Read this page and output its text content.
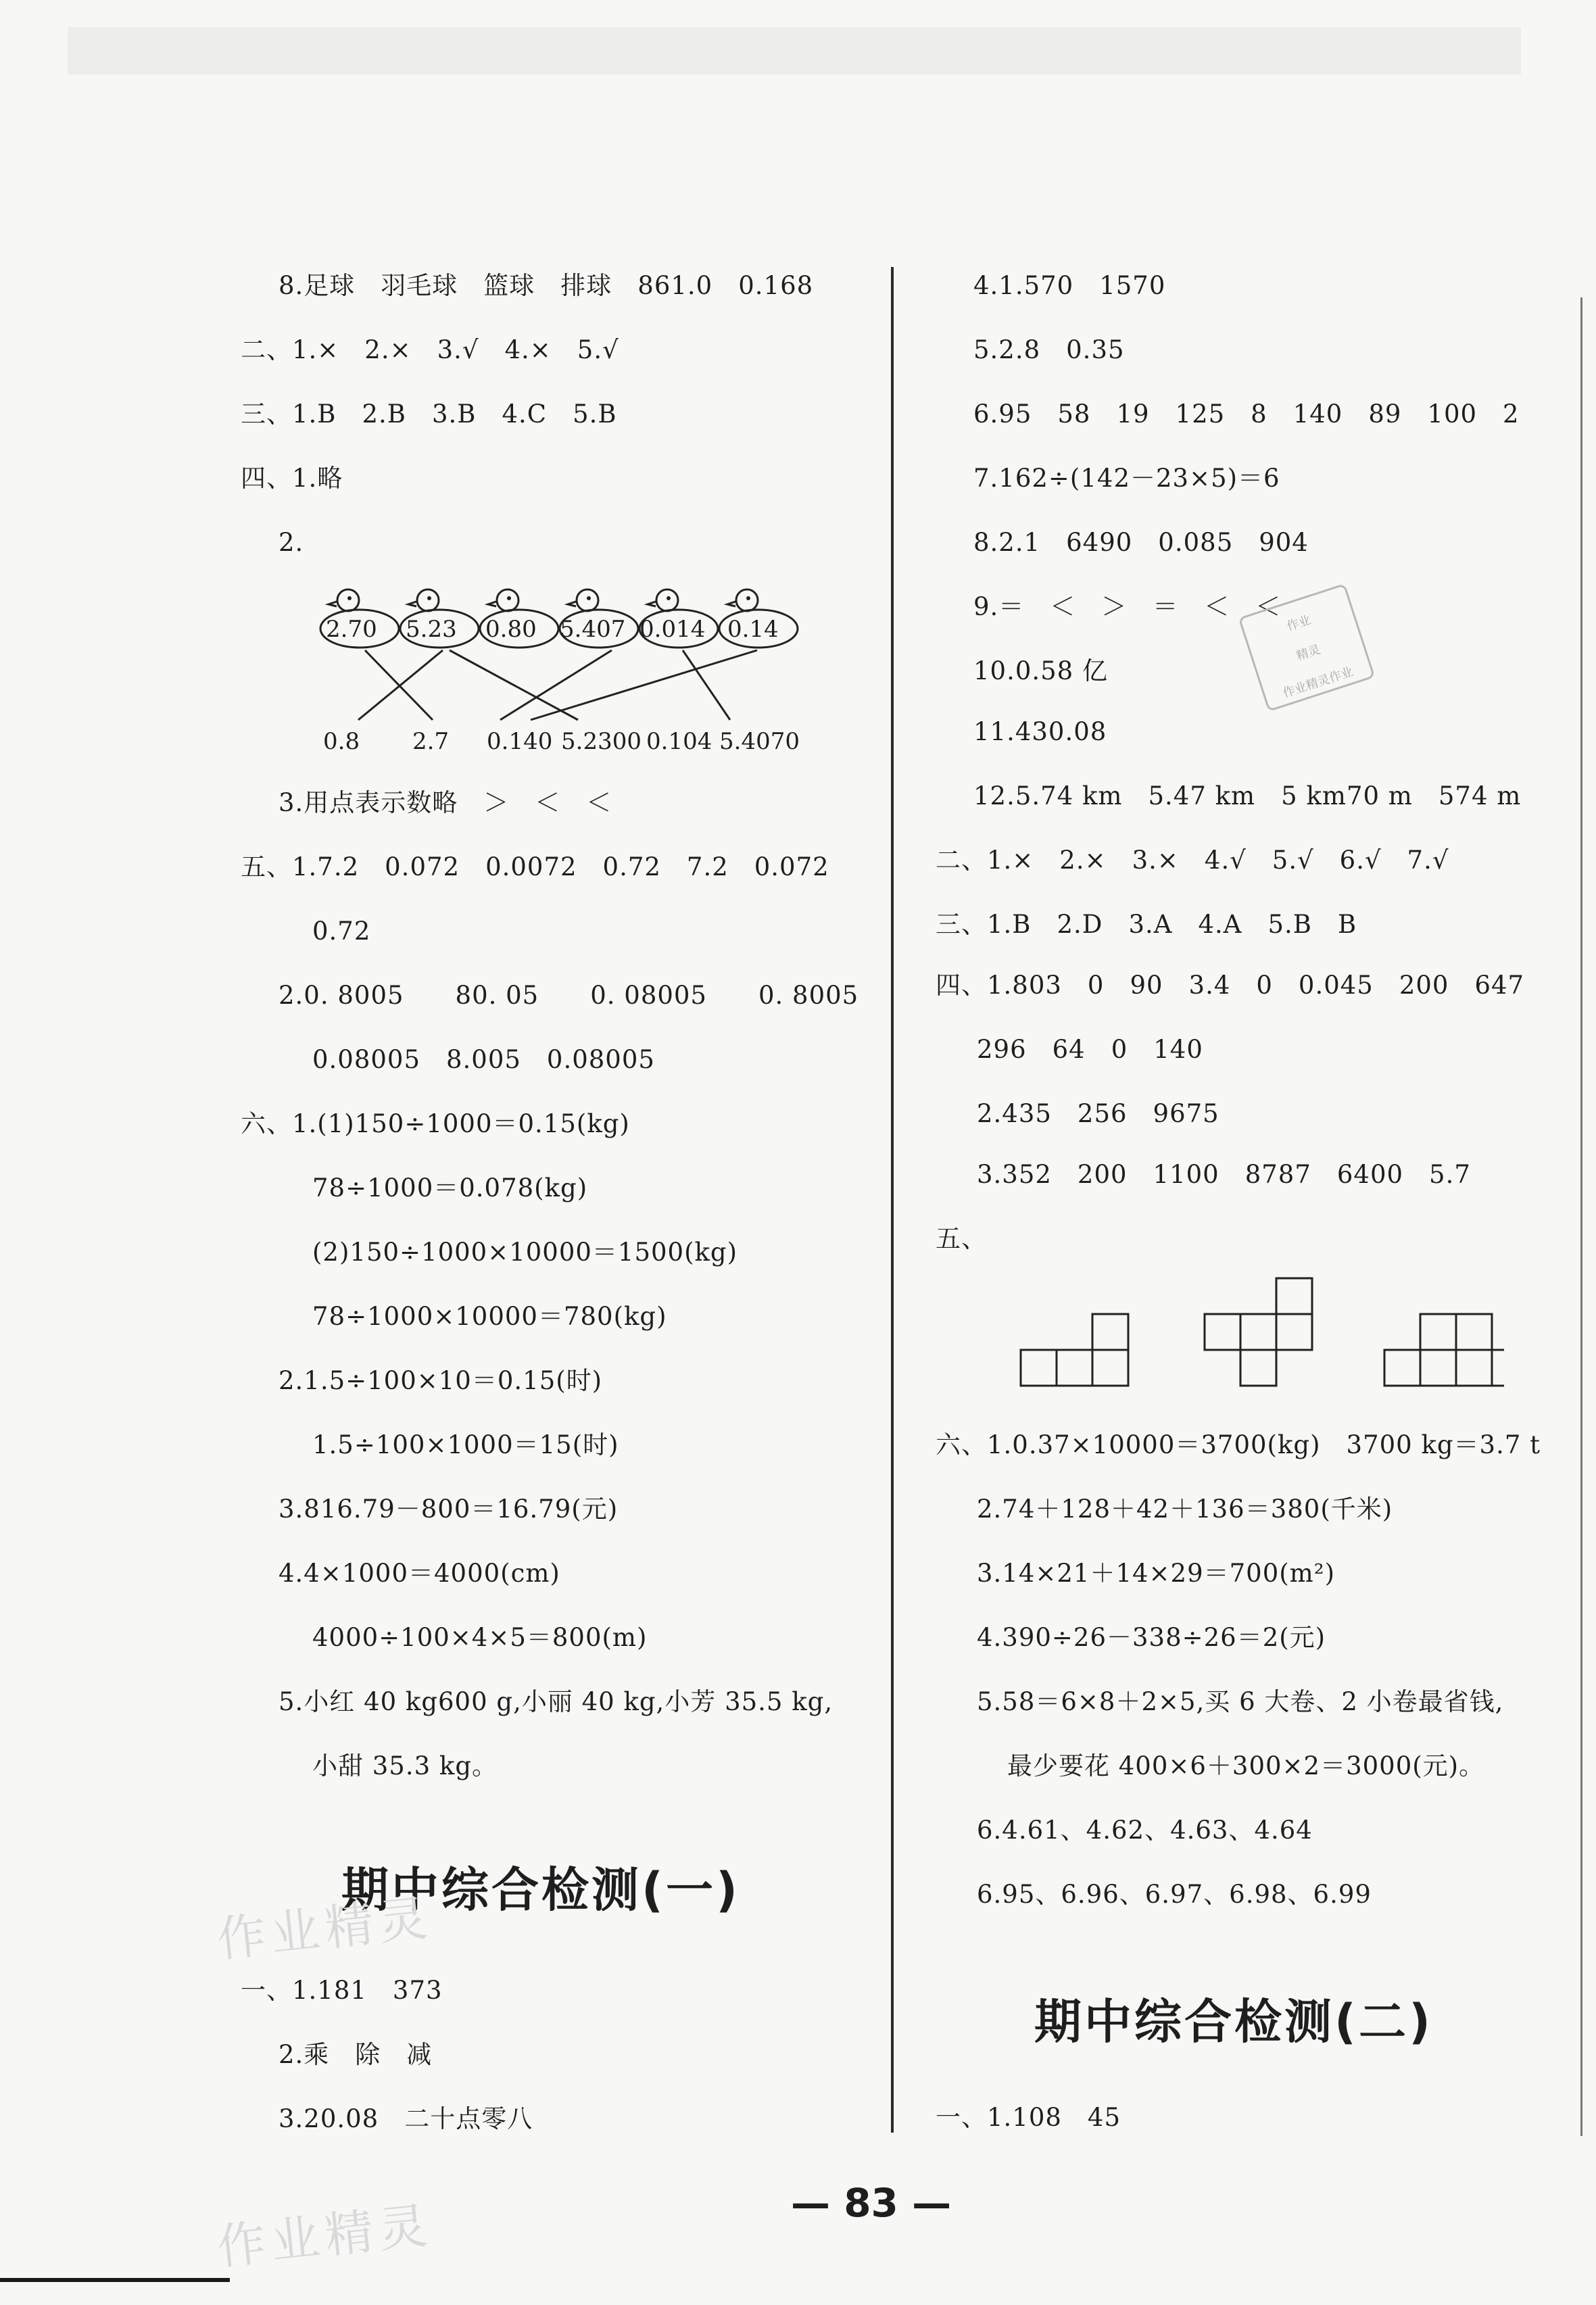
8.足球　羽毛球　篮球　排球　861.0　0.168
二、1.×　2.×　3.√　4.×　5.√
三、1.B　2.B　3.B　4.C　5.B
四、1.略
2.
2.70 5.23 0.80 5.407 0.014 0.14
0.8 2.7 0.140 5.2300 0.104 5.4070
3.用点表示数略　＞　＜　＜
五、1.7.2　0.072　0.0072　0.72　7.2　0.072
0.72
2.0. 8005　　80. 05　　0. 08005　　0. 8005
0.08005　8.005　0.08005
六、1.(1)150÷1000＝0.15(kg)
78÷1000＝0.078(kg)
(2)150÷1000×10000＝1500(kg)
78÷1000×10000＝780(kg)
2.1.5÷100×10＝0.15(时)
1.5÷100×1000＝15(时)
3.816.79－800＝16.79(元)
4.4×1000＝4000(cm)
4000÷100×4×5＝800(m)
5.小红 40 kg600 g,小丽 40 kg,小芳 35.5 kg,
小甜 35.3 kg。
期中综合检测(一)
一、1.181　373
2.乘　除　减
3.20.08　二十点零八
4.1.570　1570
5.2.8　0.35
6.95　58　19　125　8　140　89　100　2
7.162÷(142－23×5)＝6
8.2.1　6490　0.085　904
9.＝　＜　＞　＝　＜　＜
10.0.58 亿
11.430.08
12.5.74 km　5.47 km　5 km70 m　574 m
二、1.×　2.×　3.×　4.√　5.√　6.√　7.√
三、1.B　2.D　3.A　4.A　5.B　B
四、1.803　0　90　3.4　0　0.045　200　647
296　64　0　140
2.435　256　9675
3.352　200　1100　8787　6400　5.7
五、
六、1.0.37×10000＝3700(kg)　3700 kg＝3.7 t
2.74＋128＋42＋136＝380(千米)
3.14×21＋14×29＝700(m²)
4.390÷26－338÷26＝2(元)
5.58＝6×8＋2×5,买 6 大卷、2 小卷最省钱,
最少要花 400×6＋300×2＝3000(元)。
6.4.61、4.62、4.63、4.64
6.95、6.96、6.97、6.98、6.99
期中综合检测(二)
一、1.108　45
作业
精灵
作业精灵作业
作业精灵
作业精灵	— 83 —
